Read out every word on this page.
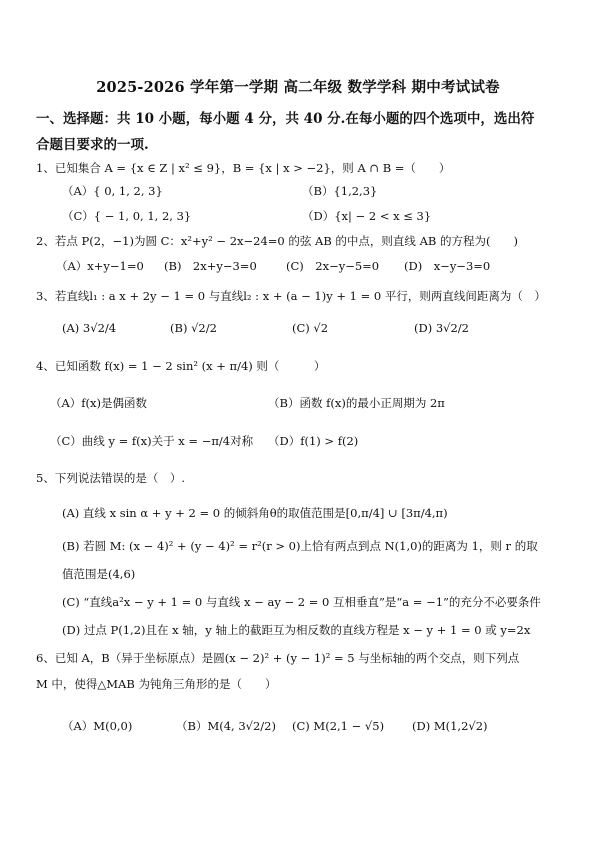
2025-2026 学年第一学期 高二年级 数学学科 期中考试试卷
一、选择题：共 10 小题，每小题 4 分，共 40 分.在每小题的四个选项中，选出符
合题目要求的一项.
1、已知集合 A = {x ∈ Z | x² ≤ 9}，B = {x | x > −2}，则 A ∩ B =（　　）
（A）{ 0, 1, 2, 3}	（B）{1,2,3}
（C）{ − 1, 0, 1, 2, 3}	（D）{x| − 2 < x ≤ 3}
2、若点 P(2，−1)为圆 C：x²+y² − 2x−24=0 的弦 AB 的中点，则直线 AB 的方程为(　　)
（A）x+y−1=0 (B)　2x+y−3=0	(C)　2x−y−5=0 (D)　x−y−3=0
3、若直线l₁ : a x + 2y − 1 = 0 与直线l₂ : x + (a − 1)y + 1 = 0 平行，则两直线间距离为（　）
(A) 3√2/4	(B) √2/2	(C) √2	(D) 3√2/2
4、已知函数 f(x) = 1 − 2 sin² (x + π/4) 则（　　　）
（A）f(x)是偶函数	（B）函数 f(x)的最小正周期为 2π
（C）曲线 y = f(x)关于 x = −π/4对称 （D）f(1) > f(2)
5、下列说法错误的是（　）.
(A) 直线 x sin α + y + 2 = 0 的倾斜角θ的取值范围是[0,π/4] ∪ [3π/4,π)
(B) 若圆 M: (x − 4)² + (y − 4)² = r²(r > 0)上恰有两点到点 N(1,0)的距离为 1，则 r 的取
值范围是(4,6)
(C) “直线a²x − y + 1 = 0 与直线 x − ay − 2 = 0 互相垂直”是“a = −1”的充分不必要条件
(D) 过点 P(1,2)且在 x 轴，y 轴上的截距互为相反数的直线方程是 x − y + 1 = 0 或 y=2x
6、已知 A，B（异于坐标原点）是圆(x − 2)² + (y − 1)² = 5 与坐标轴的两个交点，则下列点
M 中，使得△MAB 为钝角三角形的是（　　）
（A）M(0,0)	（B）M(4, 3√2/2) (C) M(2,1 − √5) (D) M(1,2√2)
